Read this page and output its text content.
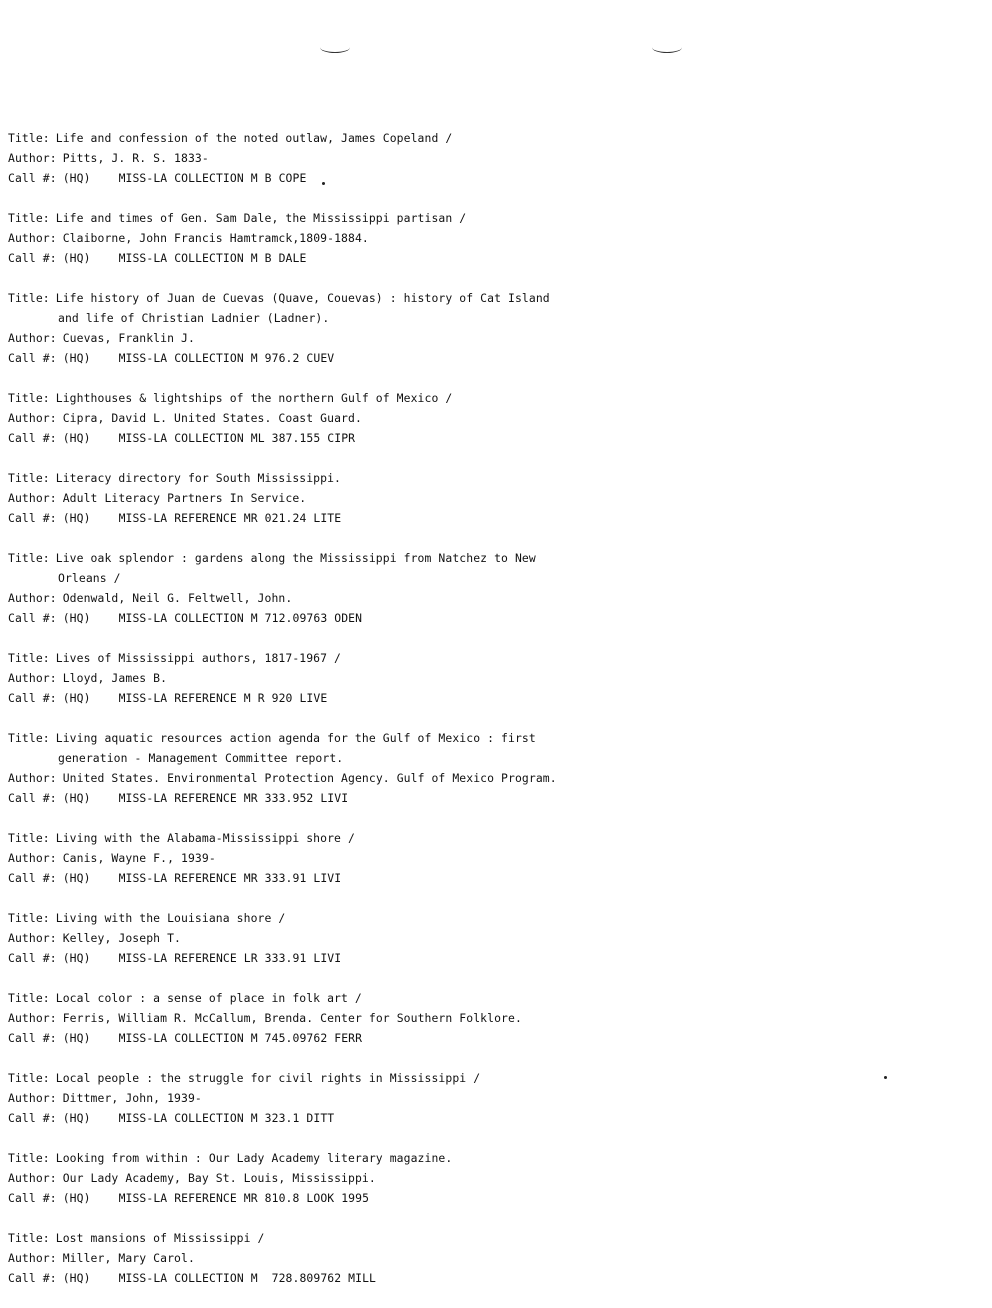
Title: Life and confession of the noted outlaw, James Copeland /
Author: Pitts, J. R. S. 1833-
Call #: (HQ) MISS-LA COLLECTION M B COPE
Title: Life and times of Gen. Sam Dale, the Mississippi partisan /
Author: Claiborne, John Francis Hamtramck,1809-1884.
Call #: (HQ) MISS-LA COLLECTION M B DALE
Title: Life history of Juan de Cuevas (Quave, Couevas) : history of Cat Island
and life of Christian Ladnier (Ladner).
Author: Cuevas, Franklin J.
Call #: (HQ) MISS-LA COLLECTION M 976.2 CUEV
Title: Lighthouses & lightships of the northern Gulf of Mexico /
Author: Cipra, David L. United States. Coast Guard.
Call #: (HQ) MISS-LA COLLECTION ML 387.155 CIPR
Title: Literacy directory for South Mississippi.
Author: Adult Literacy Partners In Service.
Call #: (HQ) MISS-LA REFERENCE MR 021.24 LITE
Title: Live oak splendor : gardens along the Mississippi from Natchez to New
Orleans /
Author: Odenwald, Neil G. Feltwell, John.
Call #: (HQ) MISS-LA COLLECTION M 712.09763 ODEN
Title: Lives of Mississippi authors, 1817-1967 /
Author: Lloyd, James B.
Call #: (HQ) MISS-LA REFERENCE M R 920 LIVE
Title: Living aquatic resources action agenda for the Gulf of Mexico : first
generation - Management Committee report.
Author: United States. Environmental Protection Agency. Gulf of Mexico Program.
Call #: (HQ) MISS-LA REFERENCE MR 333.952 LIVI
Title: Living with the Alabama-Mississippi shore /
Author: Canis, Wayne F., 1939-
Call #: (HQ) MISS-LA REFERENCE MR 333.91 LIVI
Title: Living with the Louisiana shore /
Author: Kelley, Joseph T.
Call #: (HQ) MISS-LA REFERENCE LR 333.91 LIVI
Title: Local color : a sense of place in folk art /
Author: Ferris, William R. McCallum, Brenda. Center for Southern Folklore.
Call #: (HQ) MISS-LA COLLECTION M 745.09762 FERR
Title: Local people : the struggle for civil rights in Mississippi /
Author: Dittmer, John, 1939-
Call #: (HQ) MISS-LA COLLECTION M 323.1 DITT
Title: Looking from within : Our Lady Academy literary magazine.
Author: Our Lady Academy, Bay St. Louis, Mississippi.
Call #: (HQ) MISS-LA REFERENCE MR 810.8 LOOK 1995
Title: Lost mansions of Mississippi /
Author: Miller, Mary Carol.
Call #: (HQ) MISS-LA COLLECTION M  728.809762 MILL
